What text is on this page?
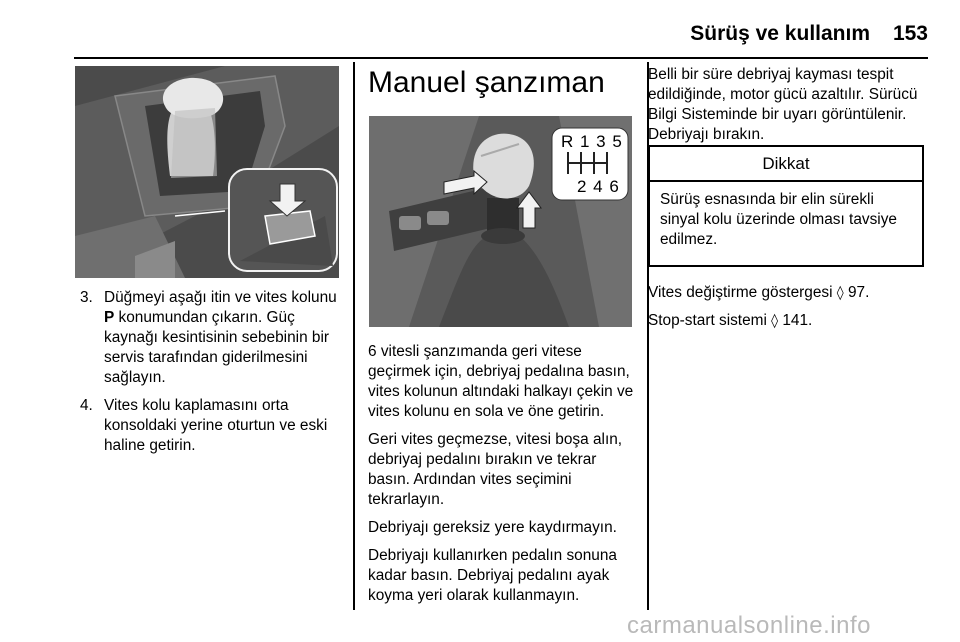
Sürüş ve kullanım	153
3. Düğmeyi aşağı itin ve vites kolunu P konumundan çıkarın. Güç kaynağı kesintisinin sebebinin bir servis tarafından giderilmesini sağlayın.
4. Vites kolu kaplamasını orta konsoldaki yerine oturtun ve eski haline getirin.
Manuel şanzıman
R 1 3 5
2 4 6

6 vitesli şanzımanda geri vitese geçirmek için, debriyaj pedalına basın, vites kolunun altındaki halkayı çekin ve vites kolunu en sola ve öne getirin.

Geri vites geçmezse, vitesi boşa alın, debriyaj pedalını bırakın ve tekrar basın. Ardından vites seçimini tekrarlayın.

Debriyajı gereksiz yere kaydırmayın.

Debriyajı kullanırken pedalın sonuna kadar basın. Debriyaj pedalını ayak koyma yeri olarak kullanmayın.

Belli bir süre debriyaj kayması tespit edildiğinde, motor gücü azaltılır. Sürücü Bilgi Sisteminde bir uyarı görüntülenir. Debriyajı bırakın.
Dikkat
Sürüş esnasında bir elin sürekli sinyal kolu üzerinde olması tavsiye edilmez.

Vites değiştirme göstergesi ◊ 97.

Stop-start sistemi ◊ 141.

carmanualsonline.info
